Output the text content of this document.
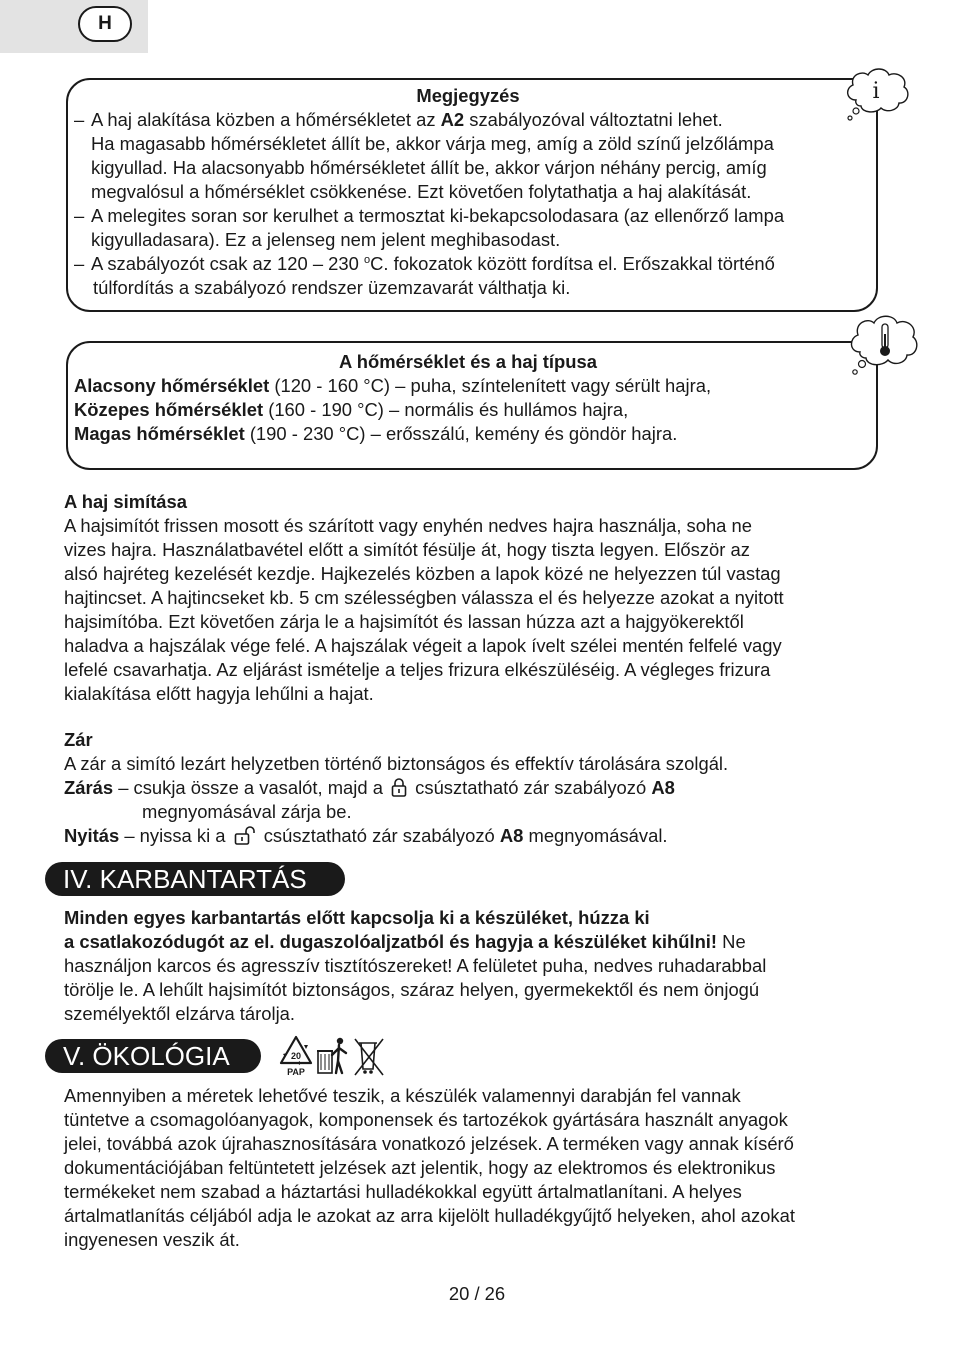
H
Megjegyzés
– A haj alakítása közben a hőmérsékletet az A2 szabályozóval változtatni lehet.
Ha magasabb hőmérsékletet állít be, akkor várja meg, amíg a zöld színű jelzőlámpa
kigyullad. Ha alacsonyabb hőmérsékletet állít be, akkor várjon néhány percig, amíg
megvalósul a hőmérséklet csökkenése. Ezt követően folytathatja a haj alakítását.
– A melegites soran sor kerulhet a termosztat ki-bekapcsolodasara (az ellenőrző lampa
kigyulladasara). Ez a jelenseg nem jelent meghibasodast.
– A szabályozót csak az 120 – 230 $^o$C. fokozatok között fordítsa el. Erőszakkal történő
túlfordítás a szabályozó rendszer üzemzavarát válthatja ki.
i
A hőmérséklet és a haj típusa
Alacsony hőmérséklet (120 - 160 °C) – puha, színtelenített vagy sérült hajra,
Közepes hőmérséklet (160 - 190 °C) – normális és hullámos hajra,
Magas hőmérséklet (190 - 230 °C) – erősszálú, kemény és göndör hajra.
A haj simítása
A hajsimítót frissen mosott és szárított vagy enyhén nedves hajra használja, soha ne
vizes hajra. Használatbavétel előtt a simítót fésülje át, hogy tiszta legyen. Először az
alsó hajréteg kezelését kezdje. Hajkezelés közben a lapok közé ne helyezzen túl vastag
hajtincset. A hajtincseket kb. 5 cm szélességben válassza el és helyezze azokat a nyitott
hajsimítóba. Ezt követően zárja le a hajsimítót és lassan húzza azt a hajgyökerektől
haladva a hajszálak vége felé. A hajszálak végeit a lapok ívelt szélei mentén felfelé vagy
lefelé csavarhatja. Az eljárást ismételje a teljes frizura elkészüléséig. A végleges frizura
kialakítása előtt hagyja lehűlni a hajat.
Zár
A zár a simító lezárt helyzetben történő biztonságos és effektív tárolására szolgál.
Zárás – csukja össze a vasalót, majd a  csúsztatható zár szabályozó A8
megnyomásával zárja be.
Nyitás – nyissa ki a  csúsztatható zár szabályozó A8 megnyomásával.
IV. KARBANTARTÁS
Minden egyes karbantartás előtt kapcsolja ki a készüléket, húzza ki
a csatlakozódugót az el. dugaszolóaljzatból és hagyja a készüléket kihűlni! Ne
használjon karcos és agresszív tisztítószereket! A felületet puha, nedves ruhadarabbal
törölje le. A lehűlt hajsimítót biztonságos, száraz helyen, gyermekektől és nem önjogú
személyektől elzárva tárolja.
V. ÖKOLÓGIA	20
PAP
Amennyiben a méretek lehetővé teszik, a készülék valamennyi darabján fel vannak
tüntetve a csomagolóanyagok, komponensek és tartozékok gyártására használt anyagok
jelei, továbbá azok újrahasznosítására vonatkozó jelzések. A terméken vagy annak kísérő
dokumentációjában feltüntetett jelzések azt jelentik, hogy az elektromos és elektronikus
termékeket nem szabad a háztartási hulladékokkal együtt ártalmatlanítani. A helyes
ártalmatlanítás céljából adja le azokat az arra kijelölt hulladékgyűjtő helyeken, ahol azokat
ingyenesen veszik át.
20 / 26
